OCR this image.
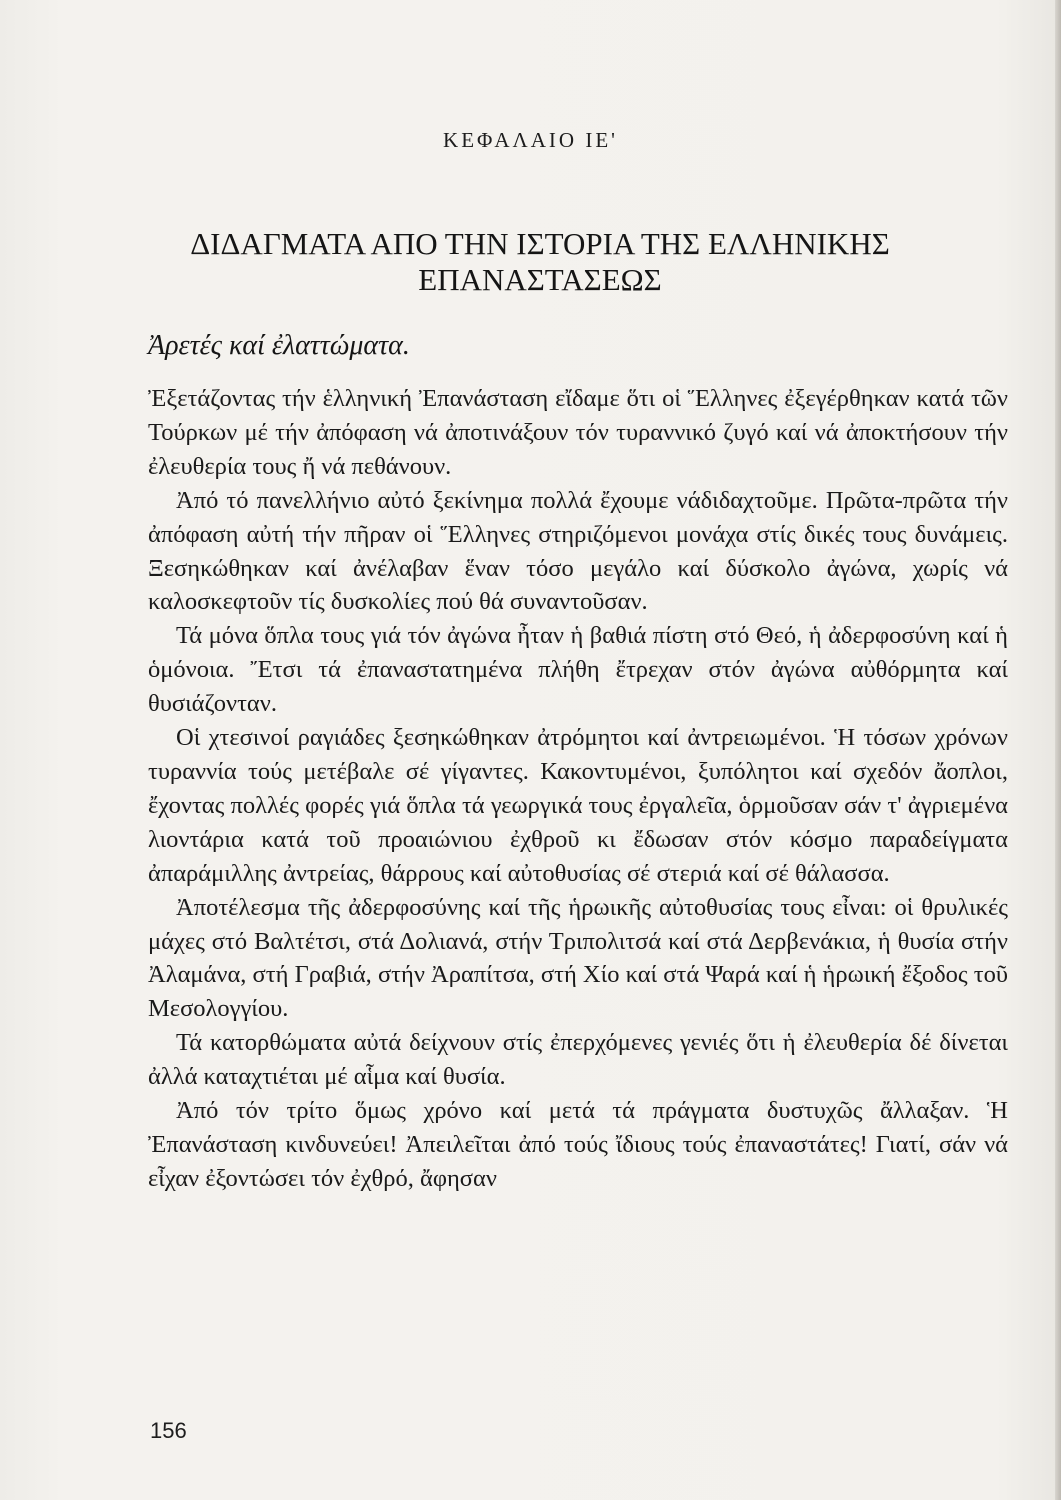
ΚΕΦΑΛΑΙΟ ΙΕ'
ΔΙΔΑΓΜΑΤΑ ΑΠΟ ΤΗΝ ΙΣΤΟΡΙΑ ΤΗΣ ΕΛΛΗΝΙΚΗΣ
ΕΠΑΝΑΣΤΑΣΕΩΣ
Ἀρετές καί ἐλαττώματα.

Ἐξετάζοντας τήν ἑλληνική Ἐπανάσταση εἴδαμε ὅτι οἱ Ἕλληνες ἐξεγέρθηκαν κατά τῶν Τούρκων μέ τήν ἀπόφαση νά ἀποτινάξουν τόν τυραννικό ζυγό καί νά ἀποκτήσουν τήν ἐλευθερία τους ἤ νά πεθάνουν.

Ἀπό τό πανελλήνιο αὐτό ξεκίνημα πολλά ἔχουμε νάδιδαχτοῦμε. Πρῶτα-πρῶτα τήν ἀπόφαση αὐτή τήν πῆραν οἱ Ἕλληνες στηριζόμενοι μονάχα στίς δικές τους δυνάμεις. Ξεσηκώθηκαν καί ἀνέλαβαν ἕναν τόσο μεγάλο καί δύσκολο ἀγώνα, χωρίς νά καλοσκεφτοῦν τίς δυσκολίες πού θά συναντοῦσαν.

Τά μόνα ὅπλα τους γιά τόν ἀγώνα ἦταν ἡ βαθιά πίστη στό Θεό, ἡ ἀδερφοσύνη καί ἡ ὁμόνοια. Ἔτσι τά ἐπαναστατημένα πλήθη ἔτρεχαν στόν ἀγώνα αὐθόρμητα καί θυσιάζονταν.

Οἱ χτεσινοί ραγιάδες ξεσηκώθηκαν ἀτρόμητοι καί ἀντρειωμένοι. Ἡ τόσων χρόνων τυραννία τούς μετέβαλε σέ γίγαντες. Κακοντυμένοι, ξυπόλητοι καί σχεδόν ἄοπλοι, ἔχοντας πολλές φορές γιά ὅπλα τά γεωργικά τους ἐργαλεῖα, ὁρμοῦσαν σάν τ' ἀγριεμένα λιοντάρια κατά τοῦ προαιώνιου ἐχθροῦ κι ἔδωσαν στόν κόσμο παραδείγματα ἀπαράμιλλης ἀντρείας, θάρρους καί αὐτοθυσίας σέ στεριά καί σέ θάλασσα.

Ἀποτέλεσμα τῆς ἀδερφοσύνης καί τῆς ἡρωικῆς αὐτοθυσίας τους εἶναι: οἱ θρυλικές μάχες στό Βαλτέτσι, στά Δολιανά, στήν Τριπολιτσά καί στά Δερβενάκια, ἡ θυσία στήν Ἀλαμάνα, στή Γραβιά, στήν Ἀραπίτσα, στή Χίο καί στά Ψαρά καί ἡ ἡρωική ἔξοδος τοῦ Μεσολογγίου.

Τά κατορθώματα αὐτά δείχνουν στίς ἐπερχόμενες γενιές ὅτι ἡ ἐλευθερία δέ δίνεται ἀλλά καταχτιέται μέ αἷμα καί θυσία.

Ἀπό τόν τρίτο ὅμως χρόνο καί μετά τά πράγματα δυστυχῶς ἄλλαξαν. Ἡ Ἐπανάσταση κινδυνεύει! Ἀπειλεῖται ἀπό τούς ἴδιους τούς ἐπαναστάτες! Γιατί, σάν νά εἶχαν ἐξοντώσει τόν ἐχθρό, ἄφησαν

156
